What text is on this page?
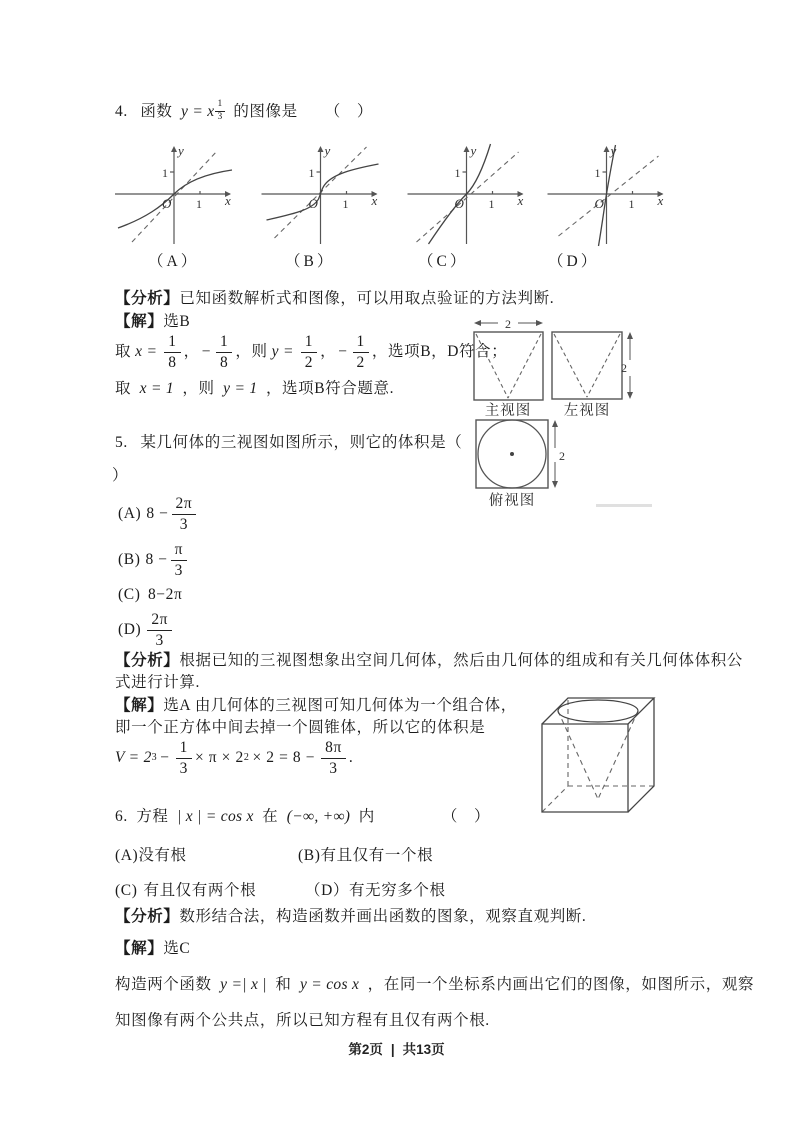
4. 函数 y = x $\frac{1}{3}$ 的图像是 （　）
y
x
O 1
1
y
x
O 1
1
y
x
O 1
1
y
x
O 1
1
（A）	（B）	（C）	（D）
【分析】已知函数解析式和图像，可以用取点验证的方法判断.
【解】选B
取 $x = \frac{1}{8}$ ， − $\frac{1}{8}$ ，则 $y = \frac{1}{2}$ ， − $\frac{1}{2}$ ，选项B，D符合；
取 x = 1 ，则 y = 1 ，选项B符合题意.
2
主视图
2
左视图
2
俯视图
5. 某几何体的三视图如图所示，则它的体积是（
）
(A) $8 - \frac{2\pi}{3}$
(B) $8 - \frac{\pi}{3}$
(C) 8−2π
$(D) \frac{2\pi}{3}$
【分析】根据已知的三视图想象出空间几何体，然后由几何体的组成和有关几何体体积公
式进行计算.
【解】选A 由几何体的三视图可知几何体为一个组合体，
即一个正方体中间去掉一个圆锥体，所以它的体积是
V = 2 $3 - \frac{1}{3} \times \pi \times 2$ $2 \times 2 = 8 - \frac{8\pi}{3}$ .
6. 方程 | x | = cos x 在 (−∞, +∞) 内	（　）
(A)没有根	(B)有且仅有一个根
(C) 有且仅有两个根	（D）有无穷多个根
【分析】数形结合法，构造函数并画出函数的图象，观察直观判断.
【解】选C
构造两个函数 y =| x | 和 y = cos x ，在同一个坐标系内画出它们的图像，如图所示，观察
知图像有两个公共点，所以已知方程有且仅有两个根.
第2页 | 共13页
